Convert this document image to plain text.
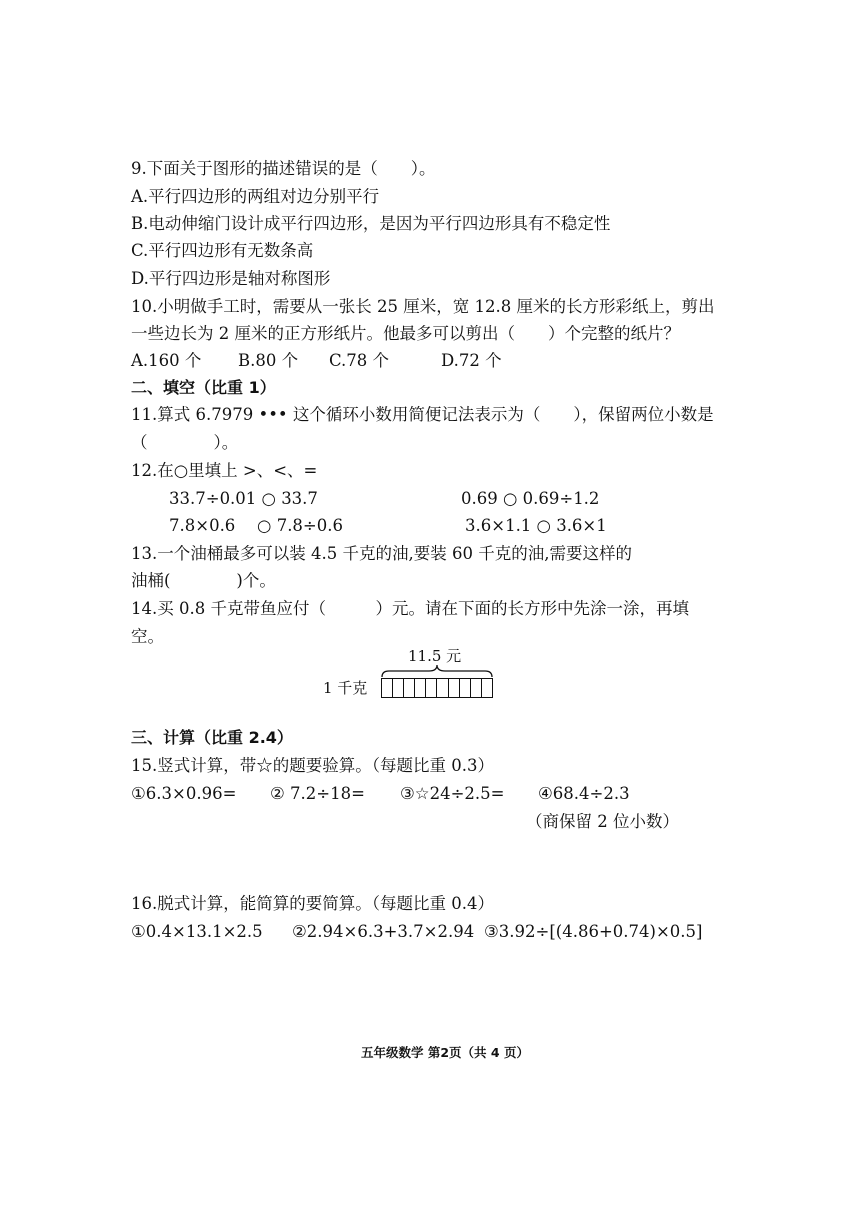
9.下面关于图形的描述错误的是（　　）。
A.平行四边形的两组对边分别平行
B.电动伸缩门设计成平行四边形，是因为平行四边形具有不稳定性
C.平行四边形有无数条高
D.平行四边形是轴对称图形
10.小明做手工时，需要从一张长 25 厘米，宽 12.8 厘米的长方形彩纸上，剪出
一些边长为 2 厘米的正方形纸片。他最多可以剪出（　　）个完整的纸片？
A.160 个 B.80 个 C.78 个	D.72 个
二、填空（比重 1）
11.算式 6.7979 ••• 这个循环小数用简便记法表示为（　　），保留两位小数是
（　　　　）。
12.在○里填上 >、<、=
33.7÷0.01 ○ 33.7	0.69 ○ 0.69÷1.2
7.8×0.6　 ○ 7.8÷0.6	3.6×1.1 ○ 3.6×1
13.一个油桶最多可以装 4.5 千克的油,要装 60 千克的油,需要这样的
油桶(　　　　)个。
14.买 0.8 千克带鱼应付（　　　）元。请在下面的长方形中先涂一涂，再填
空。
11.5 元
1 千克
三、计算（比重 2.4）
15.竖式计算，带☆的题要验算。（每题比重 0.3）
①6.3×0.96= ② 7.2÷18= ③☆24÷2.5= ④68.4÷2.3
（商保留 2 位小数）
16.脱式计算，能简算的要简算。（每题比重 0.4）
①0.4×13.1×2.5 ②2.94×6.3+3.7×2.94 ③3.92÷[(4.86+0.74)×0.5]
五年级数学 第2页（共 4 页）
